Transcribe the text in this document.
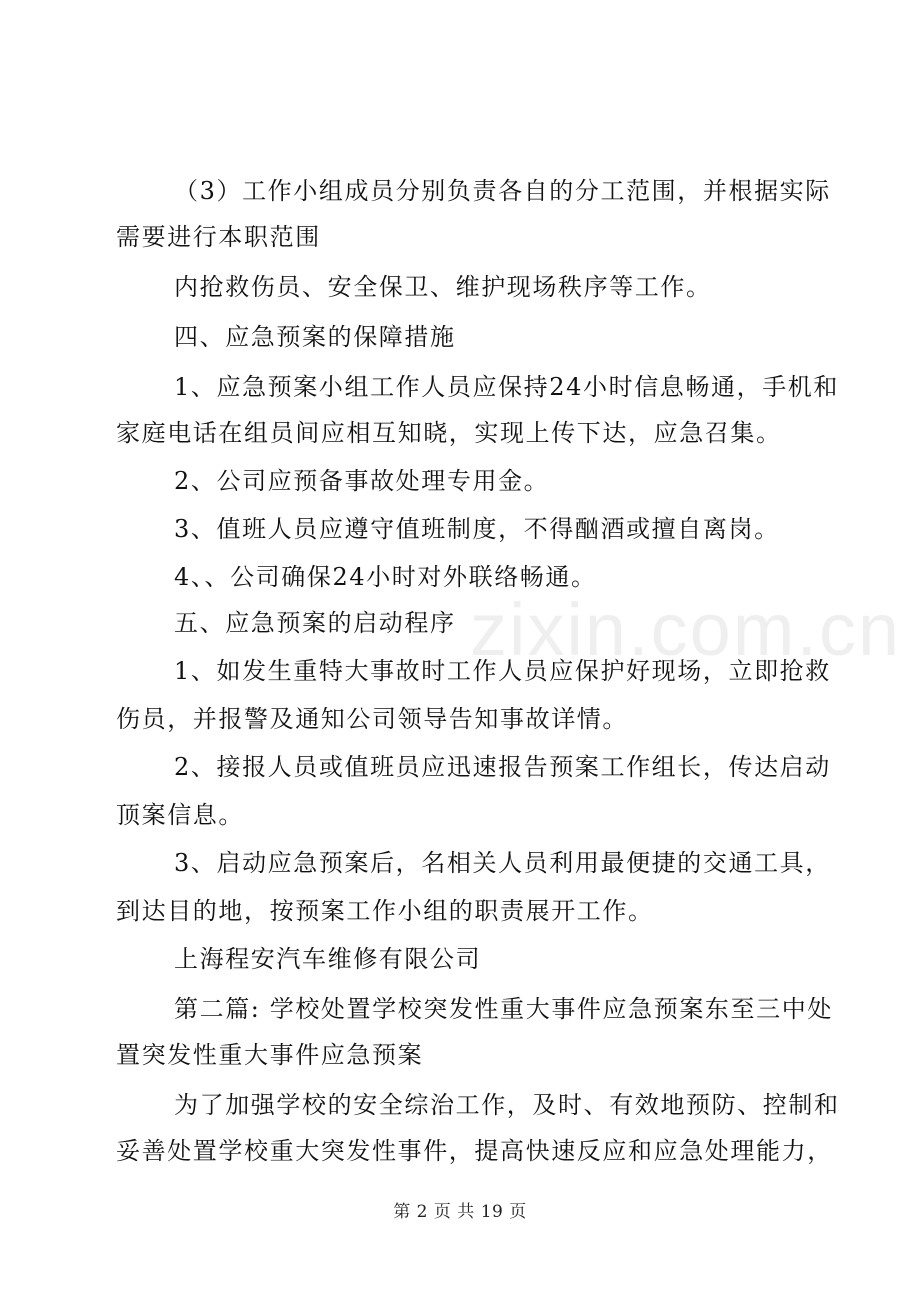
（3）工作小组成员分别负责各自的分工范围，并根据实际
需要进行本职范围
内抢救伤员、安全保卫、维护现场秩序等工作。
四、应急预案的保障措施
1、应急预案小组工作人员应保持24小时信息畅通，手机和
家庭电话在组员间应相互知晓，实现上传下达，应急召集。
2、公司应预备事故处理专用金。
3、值班人员应遵守值班制度，不得酗酒或擅自离岗。
4、、公司确保24小时对外联络畅通。
五、应急预案的启动程序
1、如发生重特大事故时工作人员应保护好现场，立即抢救
伤员，并报警及通知公司领导告知事故详情。
2、接报人员或值班员应迅速报告预案工作组长，传达启动
顶案信息。
3、启动应急预案后，名相关人员利用最便捷的交通工具，
到达目的地，按预案工作小组的职责展开工作。
上海程安汽车维修有限公司
第二篇: 学校处置学校突发性重大事件应急预案东至三中处
置突发性重大事件应急预案
为了加强学校的安全综治工作，及时、有效地预防、控制和
妥善处置学校重大突发性事件，提高快速反应和应急处理能力，
zixin.com.cn
第 2 页 共 19 页
